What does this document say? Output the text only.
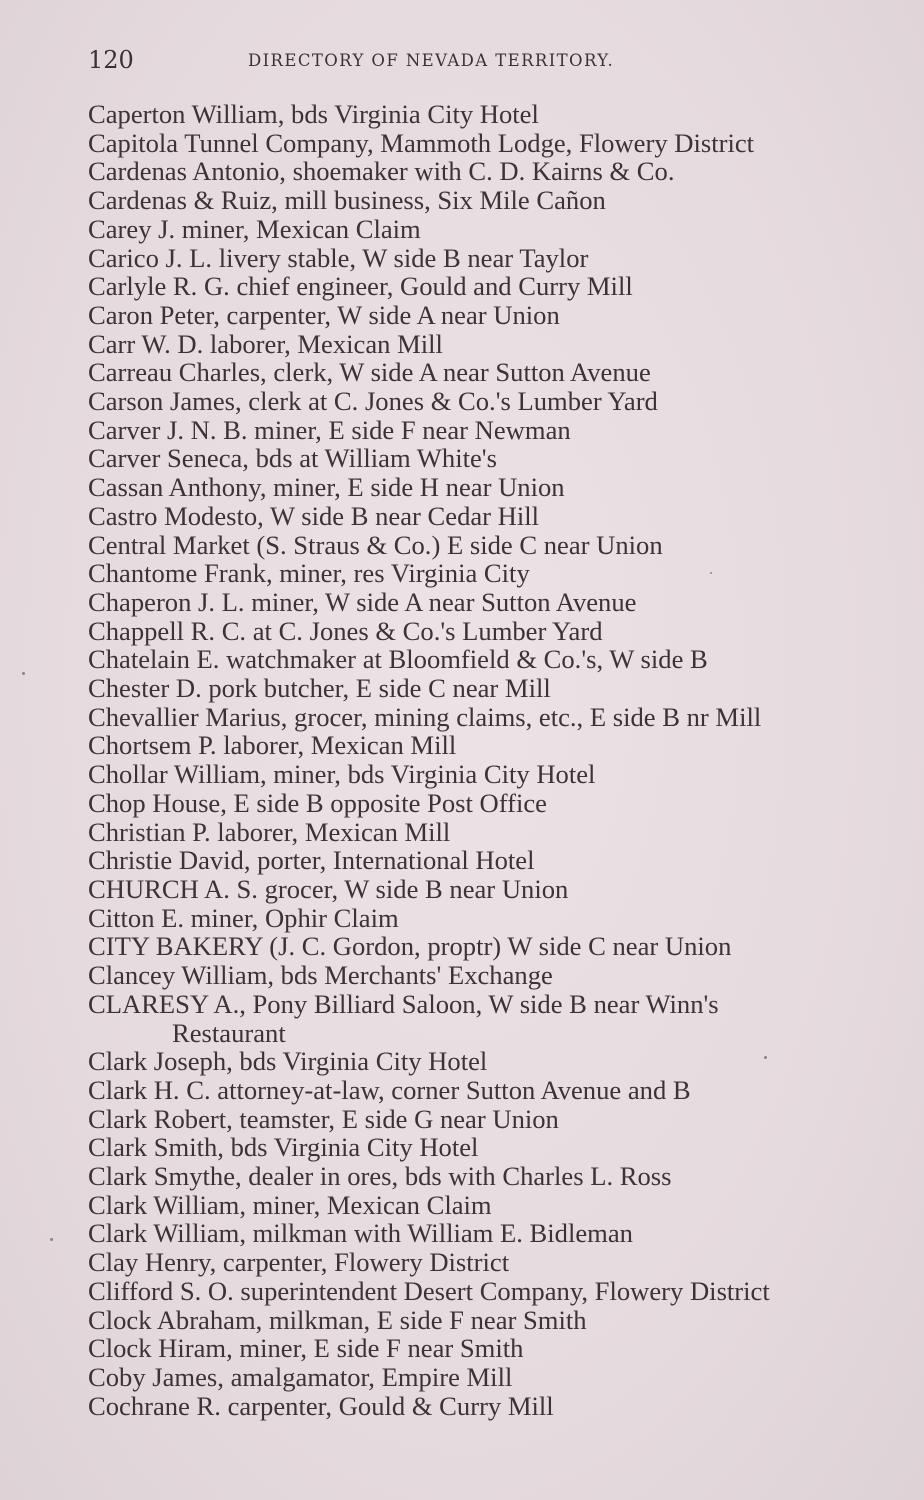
120	DIRECTORY OF NEVADA TERRITORY.
Caperton William, bds Virginia City Hotel
Capitola Tunnel Company, Mammoth Lodge, Flowery District
Cardenas Antonio, shoemaker with C. D. Kairns & Co.
Cardenas & Ruiz, mill business, Six Mile Cañon
Carey J. miner, Mexican Claim
Carico J. L. livery stable, W side B near Taylor
Carlyle R. G. chief engineer, Gould and Curry Mill
Caron Peter, carpenter, W side A near Union
Carr W. D. laborer, Mexican Mill
Carreau Charles, clerk, W side A near Sutton Avenue
Carson James, clerk at C. Jones & Co.'s Lumber Yard
Carver J. N. B. miner, E side F near Newman
Carver Seneca, bds at William White's
Cassan Anthony, miner, E side H near Union
Castro Modesto, W side B near Cedar Hill
Central Market (S. Straus & Co.) E side C near Union
Chantome Frank, miner, res Virginia City
Chaperon J. L. miner, W side A near Sutton Avenue
Chappell R. C. at C. Jones & Co.'s Lumber Yard
Chatelain E. watchmaker at Bloomfield & Co.'s, W side B
Chester D. pork butcher, E side C near Mill
Chevallier Marius, grocer, mining claims, etc., E side B nr Mill
Chortsem P. laborer, Mexican Mill
Chollar William, miner, bds Virginia City Hotel
Chop House, E side B opposite Post Office
Christian P. laborer, Mexican Mill
Christie David, porter, International Hotel
CHURCH A. S. grocer, W side B near Union
Citton E. miner, Ophir Claim
CITY BAKERY (J. C. Gordon, proptr) W side C near Union
Clancey William, bds Merchants' Exchange
CLARESY A., Pony Billiard Saloon, W side B near Winn's
Restaurant
Clark Joseph, bds Virginia City Hotel
Clark H. C. attorney-at-law, corner Sutton Avenue and B
Clark Robert, teamster, E side G near Union
Clark Smith, bds Virginia City Hotel
Clark Smythe, dealer in ores, bds with Charles L. Ross
Clark William, miner, Mexican Claim
Clark William, milkman with William E. Bidleman
Clay Henry, carpenter, Flowery District
Clifford S. O. superintendent Desert Company, Flowery District
Clock Abraham, milkman, E side F near Smith
Clock Hiram, miner, E side F near Smith
Coby James, amalgamator, Empire Mill
Cochrane R. carpenter, Gould & Curry Mill
